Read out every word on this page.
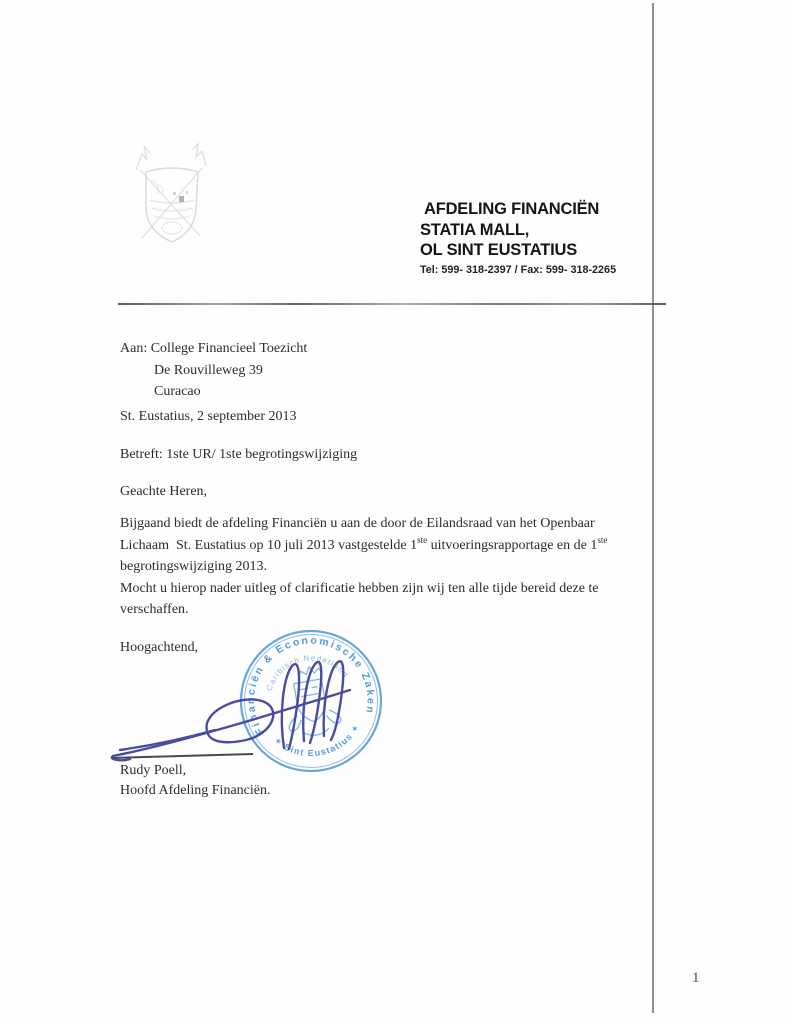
AFDELING FINANCIËN
STATIA MALL,
OL SINT EUSTATIUS
Tel: 599- 318-2397 / Fax: 599- 318-2265
Aan: College Financieel Toezicht
De Rouvilleweg 39
Curacao
St. Eustatius, 2 september 2013
Betreft: 1ste UR/ 1ste begrotingswijziging
Geachte Heren,
Bijgaand biedt de afdeling Financiën u aan de door de Eilandsraad van het Openbaar
Lichaam  St. Eustatius op 10 juli 2013 vastgestelde 1ste uitvoeringsrapportage en de 1ste
begrotingswijziging 2013.
Mocht u hierop nader uitleg of clarificatie hebben zijn wij ten alle tijde bereid deze te
verschaffen.
Hoogachtend,
Financiën & Economische Zaken
Caribisch Nederland
✶ Sint Eustatius ✶
Rudy Poell,
Hoofd Afdeling Financiën.
1
